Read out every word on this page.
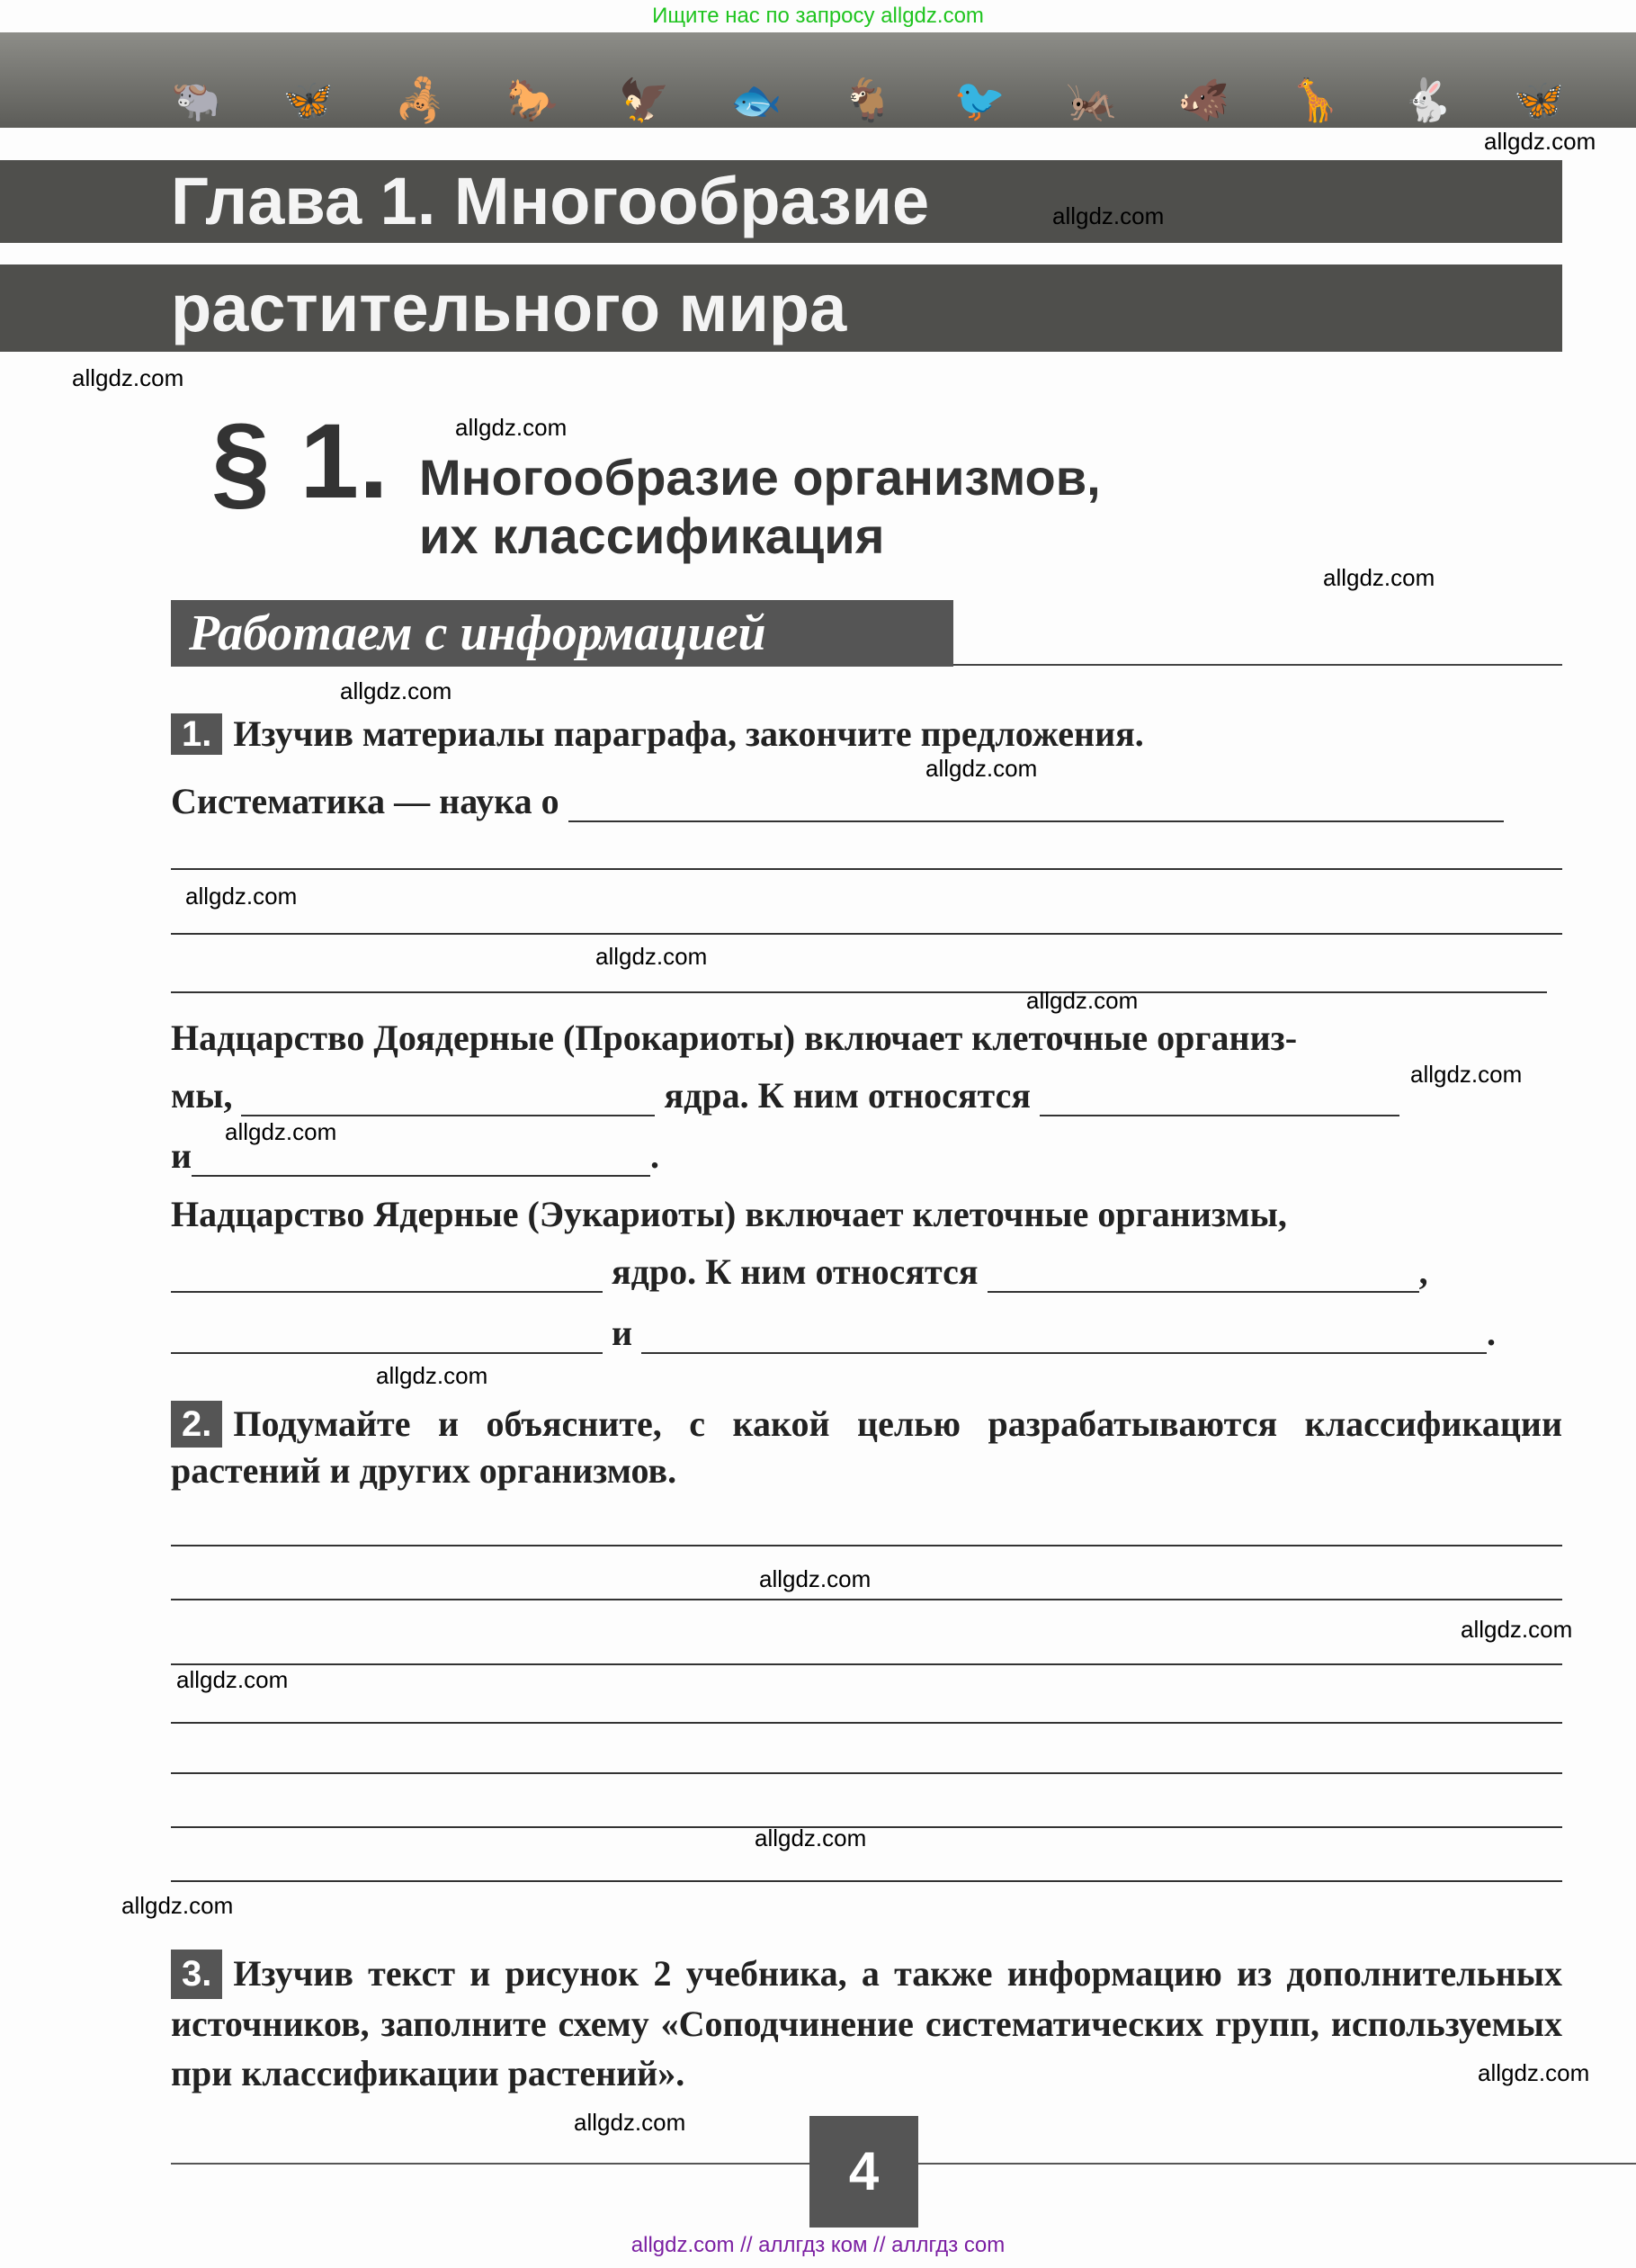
Ищите нас по запросу allgdz.com
🐃 🦋 🦂 🐎 🦅 🐟 🐐 🐦 🦗 🐗 🦒 🐇 🦋
Глава 1. Многообразие
растительного мира
§ 1. Многообразие организмов,
их классификация
Работаем с информацией
1. Изучив материалы параграфа, закончите предложения.
Систематика — наука о
Надцарство Доядерные (Прокариоты) включает клеточные организ-
мы,	ядра. К ним относятся
и	.
Надцарство Ядерные (Эукариоты) включает клеточные организмы,
ядро. К ним относятся	,
и	.
2. Подумайте и объясните, с какой целью разрабатываются классификации растений и других организмов.
3. Изучив текст и рисунок 2 учебника, а также информацию из дополнительных источников, заполните схему «Соподчинение систематических групп, используемых при классификации растений».
4
allgdz.com // аллгдз ком // аллгдз com
allgdz.com
allgdz.com
allgdz.com
allgdz.com
allgdz.com
allgdz.com
allgdz.com
allgdz.com
allgdz.com
allgdz.com
allgdz.com
allgdz.com
allgdz.com
allgdz.com
allgdz.com
allgdz.com
allgdz.com
allgdz.com
allgdz.com
allgdz.com
